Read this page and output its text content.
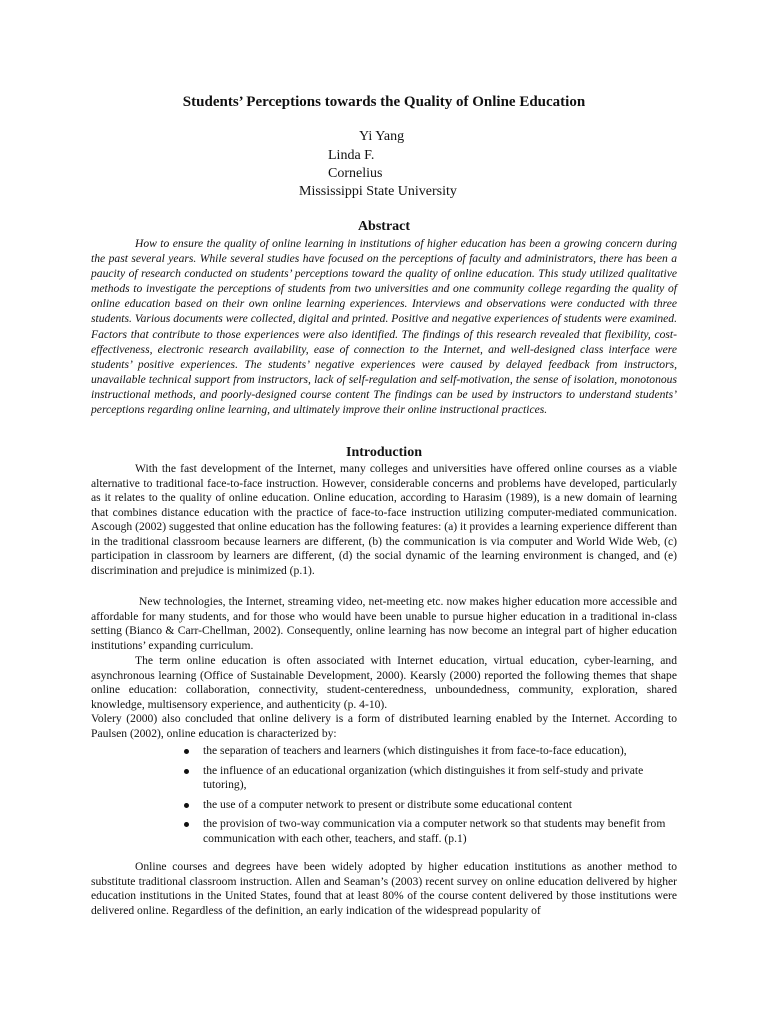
Students’ Perceptions towards the Quality of Online Education

Yi Yang

Linda F.

Cornelius

Mississippi State University

Abstract

How to ensure the quality of online learning in institutions of higher education has been a growing concern during the past several years. While several studies have focused on the perceptions of faculty and administrators, there has been a paucity of research conducted on students’ perceptions toward the quality of online education. This study utilized qualitative methods to investigate the perceptions of students from two universities and one community college regarding the quality of online education based on their own online learning experiences. Interviews and observations were conducted with three students. Various documents were collected, digital and printed. Positive and negative experiences of students were examined. Factors that contribute to those experiences were also identified. The findings of this research revealed that flexibility, cost-effectiveness, electronic research availability, ease of connection to the Internet, and well-designed class interface were students’ positive experiences. The students’ negative experiences were caused by delayed feedback from instructors, unavailable technical support from instructors, lack of self-regulation and self-motivation, the sense of isolation, monotonous instructional methods, and poorly-designed course content The findings can be used by instructors to understand students’ perceptions regarding online learning, and ultimately improve their online instructional practices.

Introduction

With the fast development of the Internet, many colleges and universities have offered online courses as a viable alternative to traditional face-to-face instruction. However, considerable concerns and problems have developed, particularly as it relates to the quality of online education. Online education, according to Harasim (1989), is a new domain of learning that combines distance education with the practice of face-to-face instruction utilizing computer-mediated communication. Ascough (2002) suggested that online education has the following features: (a) it provides a learning experience different than in the traditional classroom because learners are different, (b) the communication is via computer and World Wide Web, (c) participation in classroom by learners are different, (d) the social dynamic of the learning environment is changed, and (e) discrimination and prejudice is minimized (p.1).

New technologies, the Internet, streaming video, net-meeting etc. now makes higher education more accessible and affordable for many students, and for those who would have been unable to pursue higher education in a traditional in-class setting (Bianco & Carr-Chellman, 2002). Consequently, online learning has now become an integral part of higher education institutions’ expanding curriculum.

The term online education is often associated with Internet education, virtual education, cyber-learning, and asynchronous learning (Office of Sustainable Development, 2000). Kearsly (2000) reported the following themes that shape online education: collaboration, connectivity, student-centeredness, unboundedness, community, exploration, shared knowledge, multisensory experience, and authenticity (p. 4-10).

Volery (2000) also concluded that online delivery is a form of distributed learning enabled by the Internet. According to Paulsen (2002), online education is characterized by:

the separation of teachers and learners (which distinguishes it from face-to-face education),
the influence of an educational organization (which distinguishes it from self-study and private tutoring),
the use of a computer network to present or distribute some educational content
the provision of two-way communication via a computer network so that students may benefit from communication with each other, teachers, and staff. (p.1)

Online courses and degrees have been widely adopted by higher education institutions as another method to substitute traditional classroom instruction. Allen and Seaman’s (2003) recent survey on online education delivered by higher education institutions in the United States, found that at least 80% of the course content delivered by those institutions were delivered online. Regardless of the definition, an early indication of the widespread popularity of
